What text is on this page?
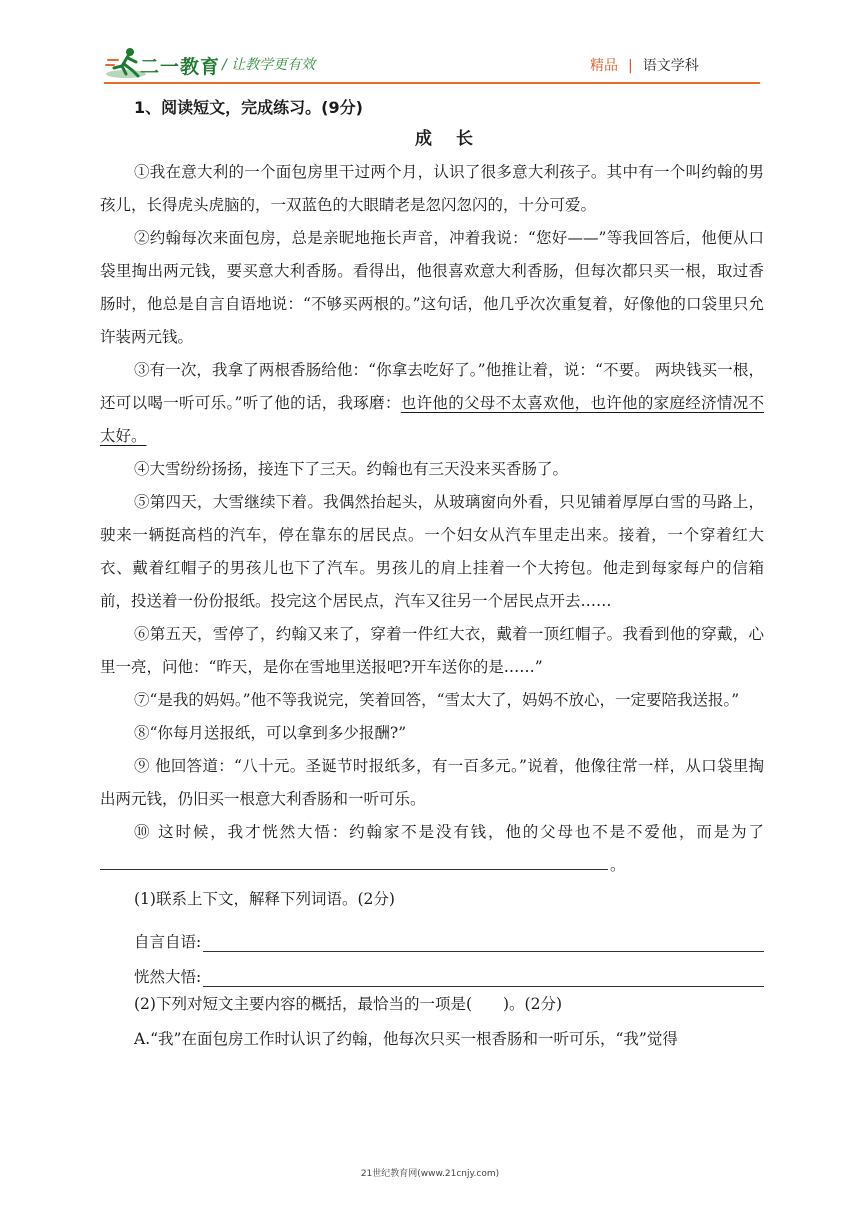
二一教育 / 让教学更有效	精品 | 语文学科
1、阅读短文，完成练习。(9分)
成长

①我在意大利的一个面包房里干过两个月，认识了很多意大利孩子。其中有一个叫约翰的男孩儿，长得虎头虎脑的，一双蓝色的大眼睛老是忽闪忽闪的，十分可爱。

②约翰每次来面包房，总是亲昵地拖长声音，冲着我说：“您好——”等我回答后，他便从口袋里掏出两元钱，要买意大利香肠。看得出，他很喜欢意大利香肠，但每次都只买一根，取过香肠时，他总是自言自语地说：“不够买两根的。”这句话，他几乎次次重复着，好像他的口袋里只允许装两元钱。

③有一次，我拿了两根香肠给他：“你拿去吃好了。”他推让着，说：“不要。 两块钱买一根，还可以喝一听可乐。”听了他的话，我琢磨：也许他的父母不太喜欢他，也许他的家庭经济情况不太好。

④大雪纷纷扬扬，接连下了三天。约翰也有三天没来买香肠了。

⑤第四天，大雪继续下着。我偶然抬起头，从玻璃窗向外看，只见铺着厚厚白雪的马路上，驶来一辆挺高档的汽车，停在靠东的居民点。一个妇女从汽车里走出来。接着，一个穿着红大衣、戴着红帽子的男孩儿也下了汽车。男孩儿的肩上挂着一个大挎包。他走到每家每户的信箱前，投送着一份份报纸。投完这个居民点，汽车又往另一个居民点开去……

⑥第五天，雪停了，约翰又来了，穿着一件红大衣，戴着一顶红帽子。我看到他的穿戴，心里一亮，问他：“昨天，是你在雪地里送报吧?开车送你的是……”

⑦“是我的妈妈。”他不等我说完，笑着回答，“雪太大了，妈妈不放心，一定要陪我送报。”

⑧“你每月送报纸，可以拿到多少报酬?”

⑨ 他回答道：“八十元。圣诞节时报纸多，有一百多元。”说着，他像往常一样，从口袋里掏出两元钱，仍旧买一根意大利香肠和一听可乐。

⑩ 这时候，我才恍然大悟：约翰家不是没有钱，他的父母也不是不爱他，而是为了。

(1)联系上下文，解释下列词语。(2分)

自言自语:
恍然大悟:

(2)下列对短文主要内容的概括，最恰当的一项是(　　)。(2分)

A.“我”在面包房工作时认识了约翰，他每次只买一根香肠和一听可乐，“我”觉得

21世纪教育网(www.21cnjy.com)
